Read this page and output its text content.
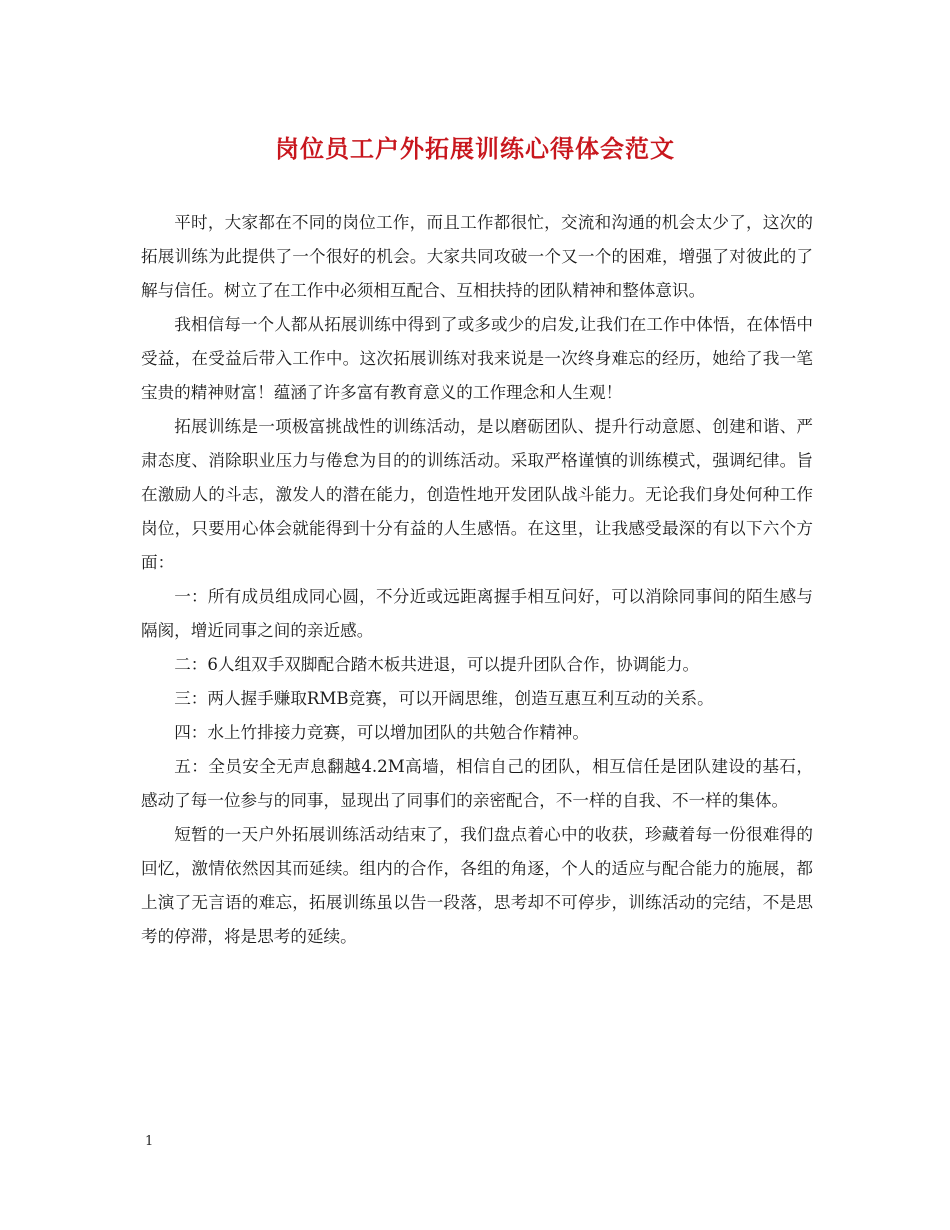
岗位员工户外拓展训练心得体会范文

平时，大家都在不同的岗位工作，而且工作都很忙，交流和沟通的机会太少了，这次的拓展训练为此提供了一个很好的机会。大家共同攻破一个又一个的困难，增强了对彼此的了解与信任。树立了在工作中必须相互配合、互相扶持的团队精神和整体意识。

我相信每一个人都从拓展训练中得到了或多或少的启发,让我们在工作中体悟，在体悟中受益，在受益后带入工作中。这次拓展训练对我来说是一次终身难忘的经历，她给了我一笔宝贵的精神财富！蕴涵了许多富有教育意义的工作理念和人生观！

拓展训练是一项极富挑战性的训练活动，是以磨砺团队、提升行动意愿、创建和谐、严肃态度、消除职业压力与倦怠为目的的训练活动。采取严格谨慎的训练模式，强调纪律。旨在激励人的斗志，激发人的潜在能力，创造性地开发团队战斗能力。无论我们身处何种工作岗位，只要用心体会就能得到十分有益的人生感悟。在这里，让我感受最深的有以下六个方面：

一：所有成员组成同心圆，不分近或远距离握手相互问好，可以消除同事间的陌生感与隔阂，增近同事之间的亲近感。

二：6人组双手双脚配合踏木板共进退，可以提升团队合作，协调能力。

三：两人握手赚取RMB竞赛，可以开阔思维，创造互惠互利互动的关系。

四：水上竹排接力竞赛，可以增加团队的共勉合作精神。

五：全员安全无声息翻越4.2M高墙，相信自己的团队，相互信任是团队建设的基石，感动了每一位参与的同事，显现出了同事们的亲密配合，不一样的自我、不一样的集体。

短暂的一天户外拓展训练活动结束了，我们盘点着心中的收获，珍藏着每一份很难得的回忆，激情依然因其而延续。组内的合作，各组的角逐，个人的适应与配合能力的施展，都上演了无言语的难忘，拓展训练虽以告一段落，思考却不可停步，训练活动的完结，不是思考的停滞，将是思考的延续。

1
